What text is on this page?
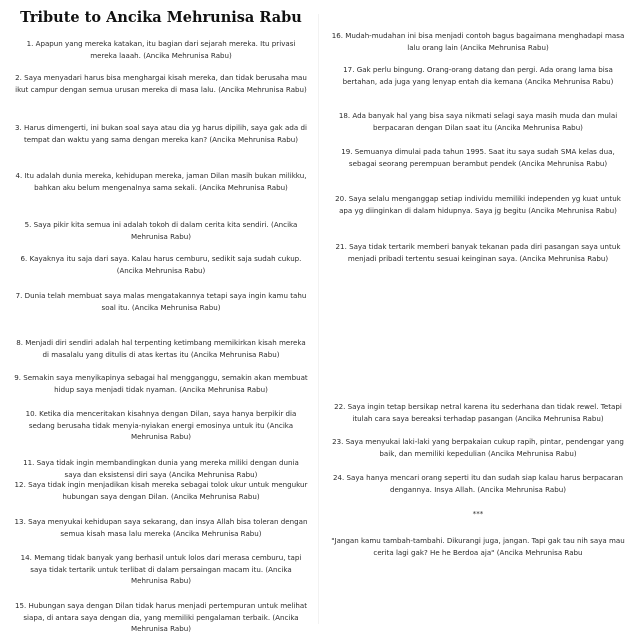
Tribute to Ancika Mehrunisa Rabu
1. Apapun yang mereka katakan, itu bagian dari sejarah mereka. Itu privasi mereka laaah. (Ancika Mehrunisa Rabu)
2. Saya menyadari harus bisa menghargai kisah mereka, dan tidak berusaha mau ikut campur dengan semua urusan mereka di masa lalu. (Ancika Mehrunisa Rabu)
3. Harus dimengerti, ini bukan soal saya atau dia yg harus dipilih, saya gak ada di tempat dan waktu yang sama dengan mereka kan? (Ancika Mehrunisa Rabu)
4. Itu adalah dunia mereka, kehidupan mereka, jaman Dilan masih bukan milikku, bahkan aku belum mengenalnya sama sekali. (Ancika Mehrunisa Rabu)
5. Saya pikir kita semua ini adalah tokoh di dalam cerita kita sendiri. (Ancika Mehrunisa Rabu)
6. Kayaknya itu saja dari saya. Kalau harus cemburu, sedikit saja sudah cukup. (Ancika Mehrunisa Rabu)
7. Dunia telah membuat saya malas mengatakannya tetapi saya ingin kamu tahu soal itu. (Ancika Mehrunisa Rabu)
8. Menjadi diri sendiri adalah hal terpenting ketimbang memikirkan kisah mereka di masalalu yang ditulis di atas kertas itu (Ancika Mehrunisa Rabu)
9. Semakin saya menyikapinya sebagai hal mengganggu, semakin akan membuat hidup saya menjadi tidak nyaman. (Ancika Mehrunisa Rabu)
10. Ketika dia menceritakan kisahnya dengan Dilan, saya hanya berpikir dia sedang berusaha tidak menyia-nyiakan energi emosinya untuk itu (Ancika Mehrunisa Rabu)
11. Saya tidak ingin membandingkan dunia yang mereka miliki dengan dunia saya dan eksistensi diri saya (Ancika Mehrunisa Rabu)
12. Saya tidak ingin menjadikan kisah mereka sebagai tolok ukur untuk mengukur hubungan saya dengan Dilan. (Ancika Mehrunisa Rabu)
13. Saya menyukai kehidupan saya sekarang, dan insya Allah bisa toleran dengan semua kisah masa lalu mereka (Ancika Mehrunisa Rabu)
14. Memang tidak banyak yang berhasil untuk lolos dari merasa cemburu, tapi saya tidak tertarik untuk terlibat di dalam persaingan macam itu. (Ancika Mehrunisa Rabu)
15. Hubungan saya dengan Dilan tidak harus menjadi pertempuran untuk melihat siapa, di antara saya dengan dia, yang memiliki pengalaman terbaik. (Ancika Mehrunisa Rabu)
16. Mudah-mudahan ini bisa menjadi contoh bagus bagaimana menghadapi masa lalu orang lain (Ancika Mehrunisa Rabu)
17. Gak perlu bingung. Orang-orang datang dan pergi. Ada orang lama bisa bertahan, ada juga yang lenyap entah dia kemana (Ancika Mehrunisa Rabu)
18. Ada banyak hal yang bisa saya nikmati selagi saya masih muda dan mulai berpacaran dengan Dilan saat itu (Ancika Mehrunisa Rabu)
19. Semuanya dimulai pada tahun 1995. Saat itu saya sudah SMA kelas dua, sebagai seorang perempuan berambut pendek (Ancika Mehrunisa Rabu)
20. Saya selalu menganggap setiap individu memiliki independen yg kuat untuk apa yg diinginkan di dalam hidupnya. Saya jg begitu (Ancika Mehrunisa Rabu)
21. Saya tidak tertarik memberi banyak tekanan pada diri pasangan saya untuk menjadi pribadi tertentu sesuai keinginan saya. (Ancika Mehrunisa Rabu)
22. Saya ingin tetap bersikap netral karena itu sederhana dan tidak rewel. Tetapi itulah cara saya bereaksi terhadap pasangan (Ancika Mehrunisa Rabu)
23. Saya menyukai laki-laki yang berpakaian cukup rapih, pintar, pendengar yang baik, dan memiliki kepedulian (Ancika Mehrunisa Rabu)
24. Saya hanya mencari orang seperti itu dan sudah siap kalau harus berpacaran dengannya. Insya Allah. (Ancika Mehrunisa Rabu)
***
"Jangan kamu tambah-tambahi. Dikurangi juga, jangan. Tapi gak tau nih saya mau cerita lagi gak? He he Berdoa aja" (Ancika Mehrunisa Rabu
